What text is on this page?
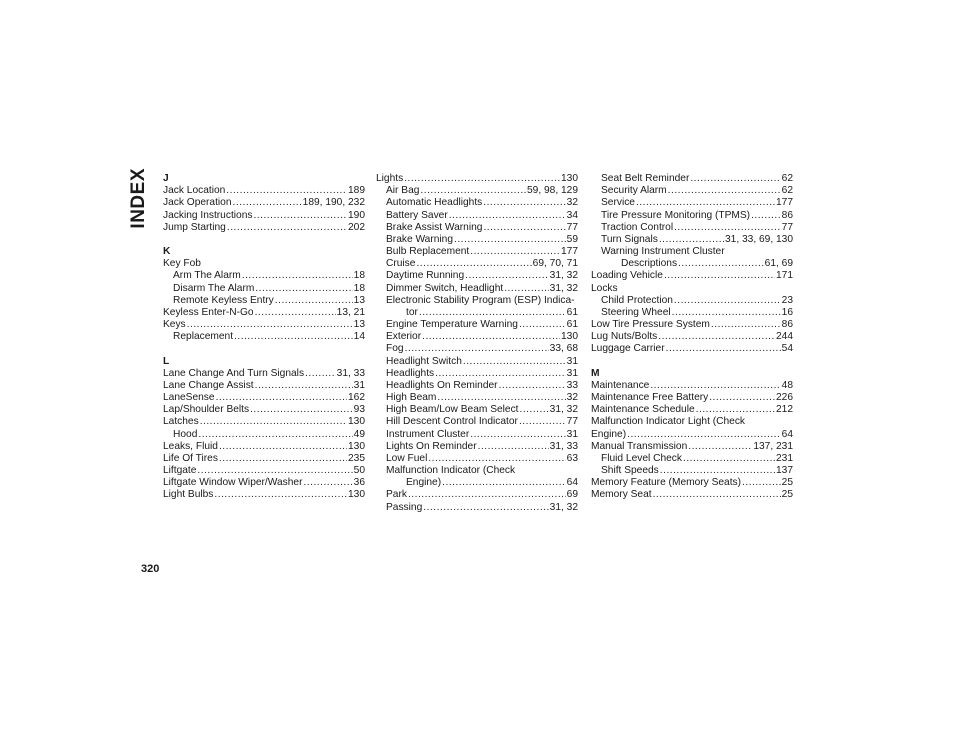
INDEX J
Jack Location .....	189
Jack Operation .....	189, 190, 232
Jacking Instructions .....	190
Jump Starting .....	202
K
Key Fob
Arm The Alarm .....	18
Disarm The Alarm .....	18
Remote Keyless Entry .....	13
Keyless Enter-N-Go .....	13, 21
Keys .....	13
Replacement .....	14
L
Lane Change And Turn Signals .....	31, 33
Lane Change Assist .....	31
LaneSense .....	162
Lap/Shoulder Belts .....	93
Latches .....	130
Hood .....	49
Leaks, Fluid .....	130
Life Of Tires .....	235
Liftgate .....	50
Liftgate Window Wiper/Washer .....	36
Light Bulbs .....	130
Lights .....	130
Air Bag .....	59, 98, 129
Automatic Headlights .....	32
Battery Saver .....	34
Brake Assist Warning .....	77
Brake Warning .....	59
Bulb Replacement .....	177
Cruise .....	69, 70, 71
Daytime Running .....	31, 32
Dimmer Switch, Headlight .....	31, 32
Electronic Stability Program (ESP) Indica-
tor .....	61
Engine Temperature Warning .....	61
Exterior .....	130
Fog .....	33, 68
Headlight Switch .....	31
Headlights .....	31
Headlights On Reminder .....	33
High Beam .....	32
High Beam/Low Beam Select .....	31, 32
Hill Descent Control Indicator .....	77
Instrument Cluster .....	31
Lights On Reminder .....	31, 33
Low Fuel .....	63
Malfunction Indicator (Check
Engine) .....	64
Park .....	69
Passing .....	31, 32
Seat Belt Reminder .....	62
Security Alarm .....	62
Service .....	177
Tire Pressure Monitoring (TPMS) .....	86
Traction Control .....	77
Turn Signals .....	31, 33, 69, 130
Warning Instrument Cluster
Descriptions .....	61, 69
Loading Vehicle .....	171
Locks
Child Protection .....	23
Steering Wheel .....	16
Low Tire Pressure System .....	86
Lug Nuts/Bolts .....	244
Luggage Carrier .....	54
M
Maintenance .....	48
Maintenance Free Battery .....	226
Maintenance Schedule .....	212
Malfunction Indicator Light (Check
Engine) .....	64
Manual Transmission .....	137, 231
Fluid Level Check .....	231
Shift Speeds .....	137
Memory Feature (Memory Seats) .....	25
Memory Seat .....	25
320
